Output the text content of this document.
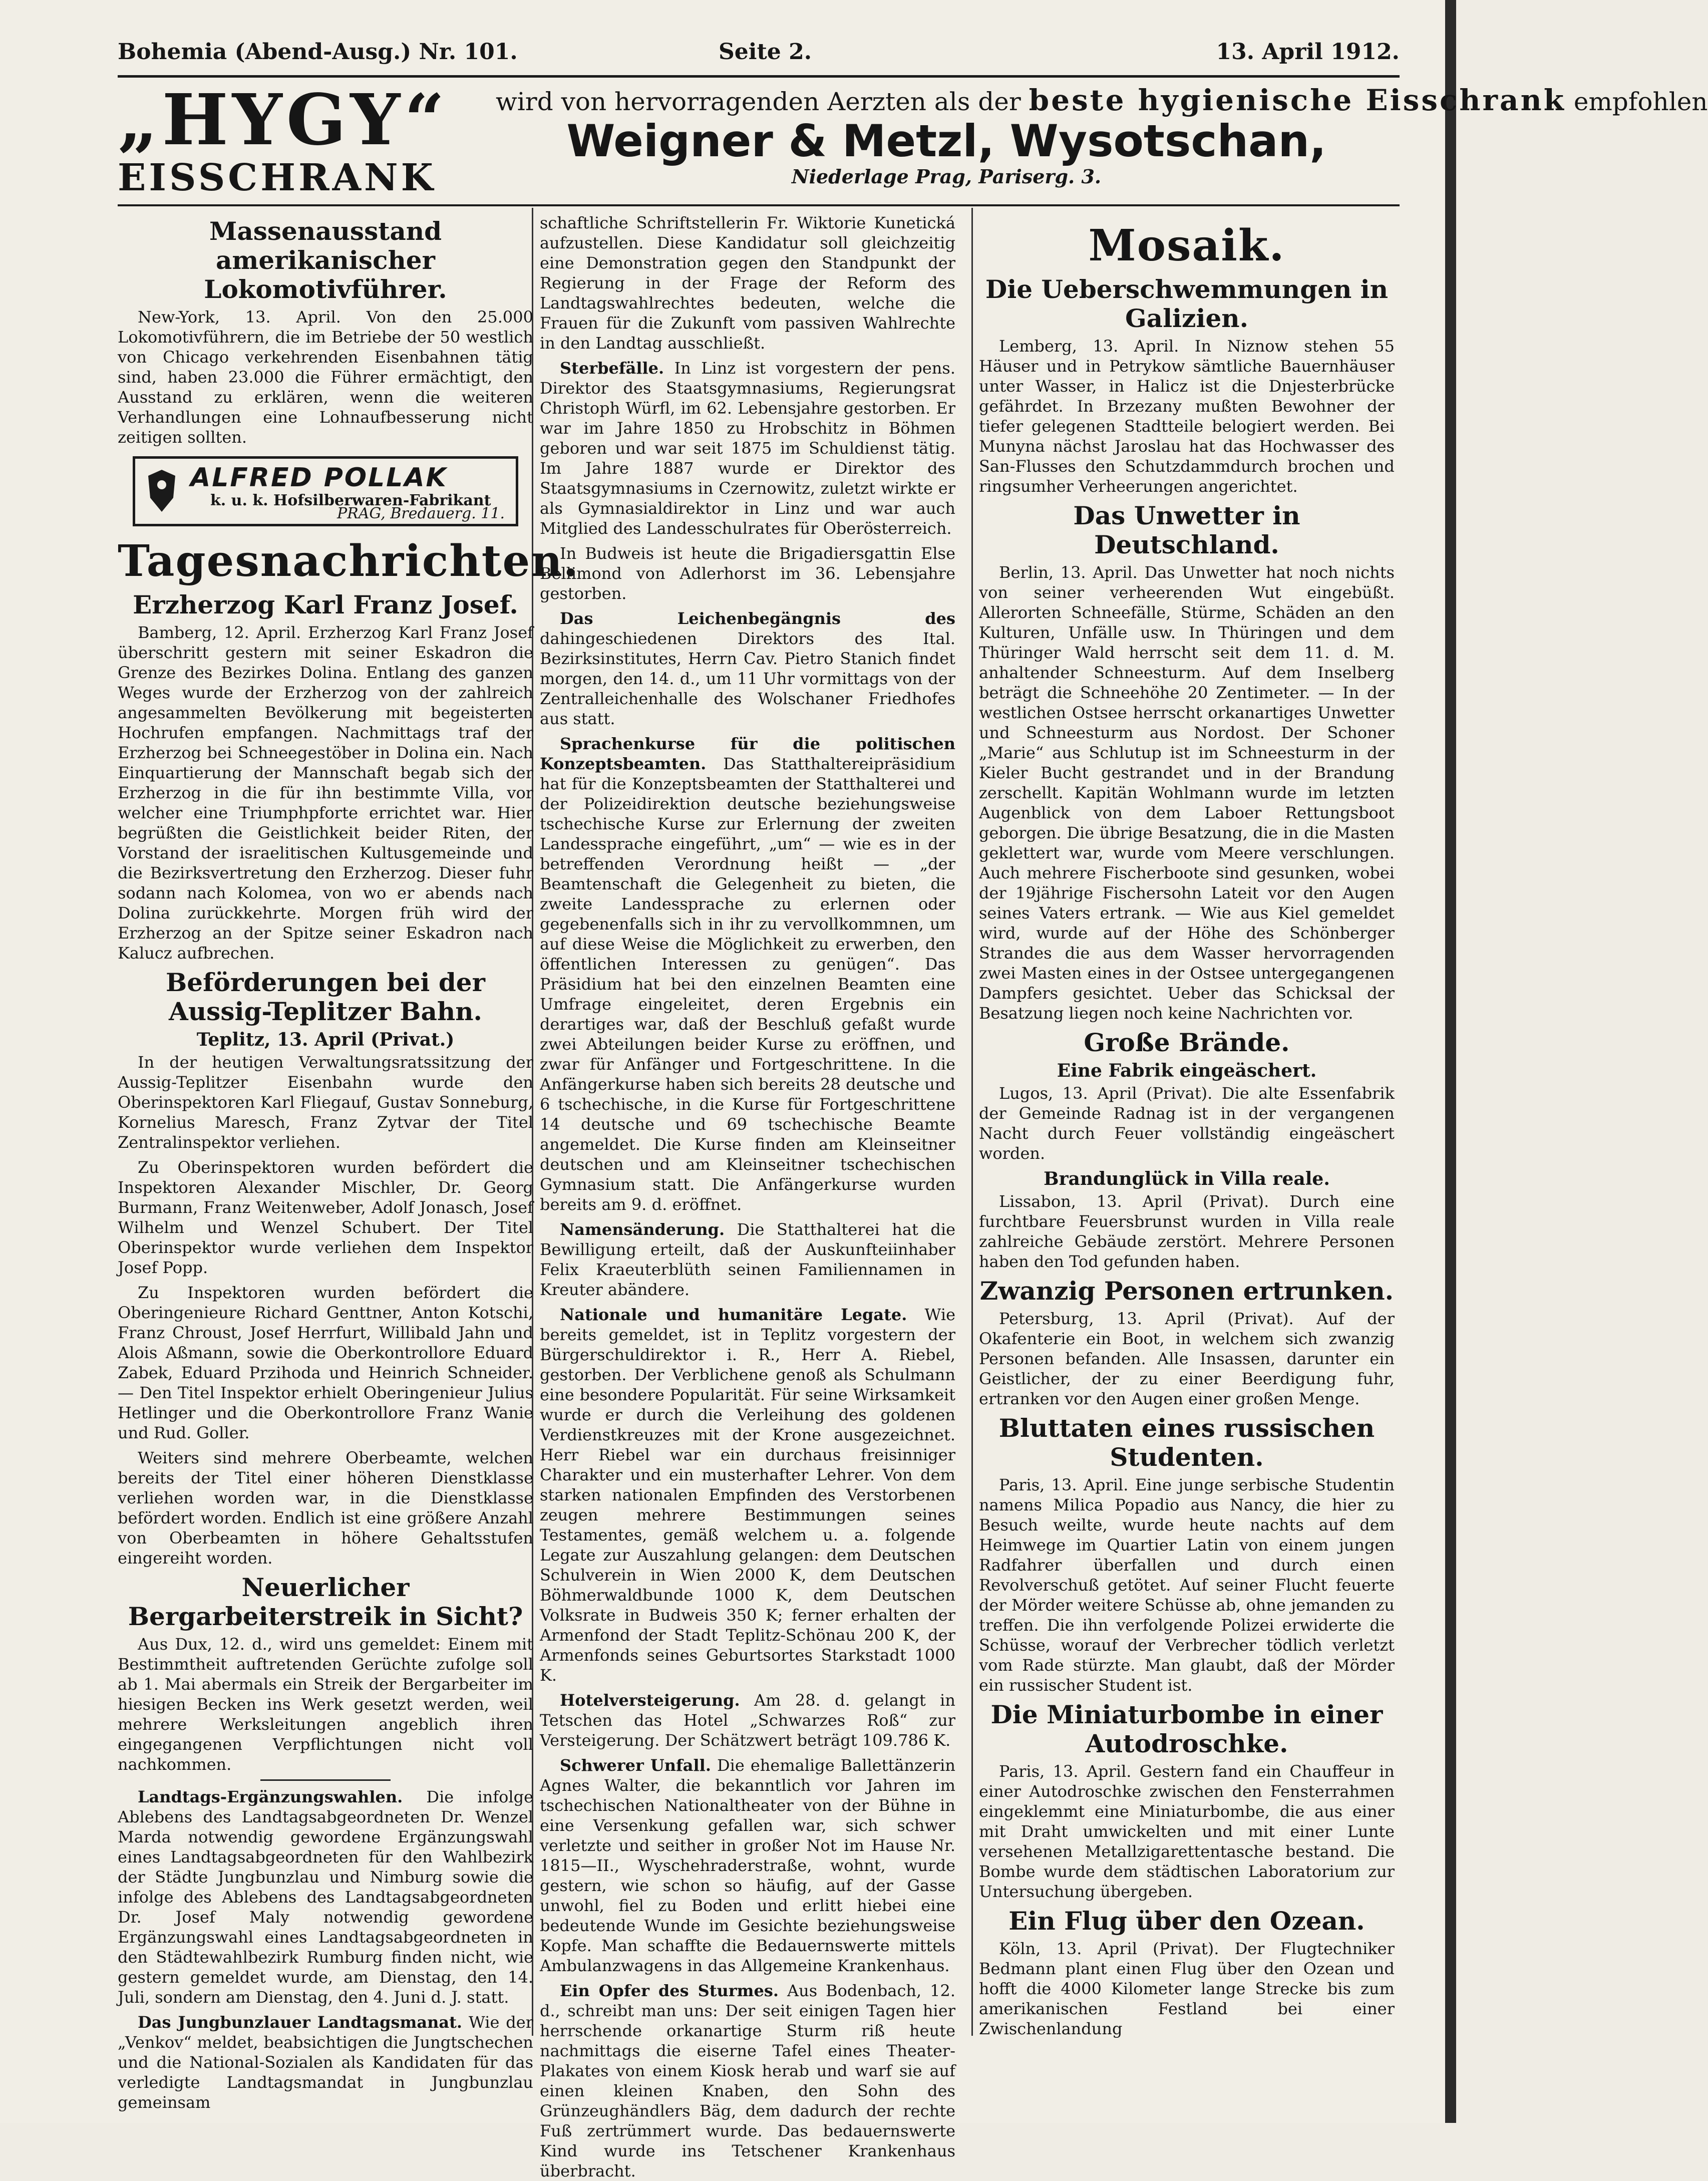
Bohemia (Abend-Ausg.) Nr. 101.	Seite 2.	13. April 1912.
„HYGY“
EISSCHRANK
wird von hervorragenden Aerzten als der beste hygienische Eisschrank empfohlen
Weigner & Metzl, Wysotschan,
Niederlage Prag, Pariserg. 3.
Massenausstand amerikanischer Lokomotivführer.

New-York, 13. April. Von den 25.000 Lokomotivführern, die im Betriebe der 50 westlich von Chicago verkehrenden Eisenbahnen tätig sind, haben 23.000 die Führer ermächtigt, den Ausstand zu erklären, wenn die weiteren Verhandlungen eine Lohnaufbesserung nicht zeitigen sollten.

ALFRED POLLAK
k. u. k. Hofsilberwaren-Fabrikant
PRAG, Bredauerg. 11.
Tagesnachrichten.
Erzherzog Karl Franz Josef.

Bamberg, 12. April. Erzherzog Karl Franz Josef überschritt gestern mit seiner Eskadron die Grenze des Bezirkes Dolina. Entlang des ganzen Weges wurde der Erzherzog von der zahlreich angesammelten Bevölkerung mit begeisterten Hochrufen empfangen. Nachmittags traf der Erzherzog bei Schneegestöber in Dolina ein. Nach Einquartierung der Mannschaft begab sich der Erzherzog in die für ihn bestimmte Villa, vor welcher eine Triumphpforte errichtet war. Hier begrüßten die Geistlichkeit beider Riten, der Vorstand der israelitischen Kultusgemeinde und die Bezirksvertretung den Erzherzog. Dieser fuhr sodann nach Kolomea, von wo er abends nach Dolina zurückkehrte. Morgen früh wird der Erzherzog an der Spitze seiner Eskadron nach Kalucz aufbrechen.

Beförderungen bei der Aussig-Teplitzer Bahn.
Teplitz, 13. April (Privat.)

In der heutigen Verwaltungsratssitzung der Aussig-Teplitzer Eisenbahn wurde den Oberinspektoren Karl Fliegauf, Gustav Sonneburg, Kornelius Maresch, Franz Zytvar der Titel Zentralinspektor verliehen.

Zu Oberinspektoren wurden befördert die Inspektoren Alexander Mischler, Dr. Georg Burmann, Franz Weitenweber, Adolf Jonasch, Josef Wilhelm und Wenzel Schubert. Der Titel Oberinspektor wurde verliehen dem Inspektor Josef Popp.

Zu Inspektoren wurden befördert die Oberingenieure Richard Genttner, Anton Kotschi, Franz Chroust, Josef Herrfurt, Willibald Jahn und Alois Aßmann, sowie die Oberkontrollore Eduard Zabek, Eduard Przihoda und Heinrich Schneider. — Den Titel Inspektor erhielt Oberingenieur Julius Hetlinger und die Oberkontrollore Franz Wanie und Rud. Goller.

Weiters sind mehrere Oberbeamte, welchen bereits der Titel einer höheren Dienstklasse verliehen worden war, in die Dienstklasse befördert worden. Endlich ist eine größere Anzahl von Oberbeamten in höhere Gehaltsstufen eingereiht worden.

Neuerlicher Bergarbeiterstreik in Sicht?

Aus Dux, 12. d., wird uns gemeldet: Einem mit Bestimmtheit auftretenden Gerüchte zufolge soll ab 1. Mai abermals ein Streik der Bergarbeiter im hiesigen Becken ins Werk gesetzt werden, weil mehrere Werksleitungen angeblich ihren eingegangenen Verpflichtungen nicht voll nachkommen.

Landtags-Ergänzungswahlen. Die infolge Ablebens des Landtagsabgeordneten Dr. Wenzel Marda notwendig gewordene Ergänzungswahl eines Landtagsabgeordneten für den Wahlbezirk der Städte Jungbunzlau und Nimburg sowie die infolge des Ablebens des Landtagsabgeordneten Dr. Josef Maly notwendig gewordene Ergänzungswahl eines Landtagsabgeordneten in den Städtewahlbezirk Rumburg finden nicht, wie gestern gemeldet wurde, am Dienstag, den 14. Juli, sondern am Dienstag, den 4. Juni d. J. statt.

Das Jungbunzlauer Landtagsmanat. Wie der „Venkov“ meldet, beabsichtigen die Jungtschechen und die National-Sozialen als Kandidaten für das verledigte Landtagsmandat in Jungbunzlau gemeinsam

schaftliche Schriftstellerin Fr. Wiktorie Kunetická aufzustellen. Diese Kandidatur soll gleichzeitig eine Demonstration gegen den Standpunkt der Regierung in der Frage der Reform des Landtagswahlrechtes bedeuten, welche die Frauen für die Zukunft vom passiven Wahlrechte in den Landtag ausschließt.

Sterbefälle. In Linz ist vorgestern der pens. Direktor des Staatsgymnasiums, Regierungsrat Christoph Würfl, im 62. Lebensjahre gestorben. Er war im Jahre 1850 zu Hrobschitz in Böhmen geboren und war seit 1875 im Schuldienst tätig. Im Jahre 1887 wurde er Direktor des Staatsgymnasiums in Czernowitz, zuletzt wirkte er als Gymnasialdirektor in Linz und war auch Mitglied des Landesschulrates für Oberösterreich.

In Budweis ist heute die Brigadiersgattin Else Bellimond von Adlerhorst im 36. Lebensjahre gestorben.

Das Leichenbegängnis des dahingeschiedenen Direktors des Ital. Bezirksinstitutes, Herrn Cav. Pietro Stanich findet morgen, den 14. d., um 11 Uhr vormittags von der Zentralleichenhalle des Wolschaner Friedhofes aus statt.

Sprachenkurse für die politischen Konzeptsbeamten. Das Statthaltereipräsidium hat für die Konzeptsbeamten der Statthalterei und der Polizeidirektion deutsche beziehungsweise tschechische Kurse zur Erlernung der zweiten Landessprache eingeführt, „um“ — wie es in der betreffenden Verordnung heißt — „der Beamtenschaft die Gelegenheit zu bieten, die zweite Landessprache zu erlernen oder gegebenenfalls sich in ihr zu vervollkommnen, um auf diese Weise die Möglichkeit zu erwerben, den öffentlichen Interessen zu genügen“. Das Präsidium hat bei den einzelnen Beamten eine Umfrage eingeleitet, deren Ergebnis ein derartiges war, daß der Beschluß gefaßt wurde zwei Abteilungen beider Kurse zu eröffnen, und zwar für Anfänger und Fortgeschrittene. In die Anfängerkurse haben sich bereits 28 deutsche und 6 tschechische, in die Kurse für Fortgeschrittene 14 deutsche und 69 tschechische Beamte angemeldet. Die Kurse finden am Kleinseitner deutschen und am Kleinseitner tschechischen Gymnasium statt. Die Anfängerkurse wurden bereits am 9. d. eröffnet.

Namensänderung. Die Statthalterei hat die Bewilligung erteilt, daß der Auskunfteiinhaber Felix Kraeuterblüth seinen Familiennamen in Kreuter abändere.

Nationale und humanitäre Legate. Wie bereits gemeldet, ist in Teplitz vorgestern der Bürgerschuldirektor i. R., Herr A. Riebel, gestorben. Der Verblichene genoß als Schulmann eine besondere Popularität. Für seine Wirksamkeit wurde er durch die Verleihung des goldenen Verdienstkreuzes mit der Krone ausgezeichnet. Herr Riebel war ein durchaus freisinniger Charakter und ein musterhafter Lehrer. Von dem starken nationalen Empfinden des Verstorbenen zeugen mehrere Bestimmungen seines Testamentes, gemäß welchem u. a. folgende Legate zur Auszahlung gelangen: dem Deutschen Schulverein in Wien 2000 K, dem Deutschen Böhmerwaldbunde 1000 K, dem Deutschen Volksrate in Budweis 350 K; ferner erhalten der Armenfond der Stadt Teplitz-Schönau 200 K, der Armenfonds seines Geburtsortes Starkstadt 1000 K.

Hotelversteigerung. Am 28. d. gelangt in Tetschen das Hotel „Schwarzes Roß“ zur Versteigerung. Der Schätzwert beträgt 109.786 K.

Schwerer Unfall. Die ehemalige Ballettänzerin Agnes Walter, die bekanntlich vor Jahren im tschechischen Nationaltheater von der Bühne in eine Versenkung gefallen war, sich schwer verletzte und seither in großer Not im Hause Nr. 1815—II., Wyschehraderstraße, wohnt, wurde gestern, wie schon so häufig, auf der Gasse unwohl, fiel zu Boden und erlitt hiebei eine bedeutende Wunde im Gesichte beziehungsweise Kopfe. Man schaffte die Bedauernswerte mittels Ambulanzwagens in das Allgemeine Krankenhaus.

Ein Opfer des Sturmes. Aus Bodenbach, 12. d., schreibt man uns: Der seit einigen Tagen hier herrschende orkanartige Sturm riß heute nachmittags die eiserne Tafel eines Theater-Plakates von einem Kiosk herab und warf sie auf einen kleinen Knaben, den Sohn des Grünzeughändlers Bäg, dem dadurch der rechte Fuß zertrümmert wurde. Das bedauernswerte Kind wurde ins Tetschener Krankenhaus überbracht.

Mosaik.
Die Ueberschwemmungen in Galizien.

Lemberg, 13. April. In Niznow stehen 55 Häuser und in Petrykow sämtliche Bauernhäuser unter Wasser, in Halicz ist die Dnjesterbrücke gefährdet. In Brzezany mußten Bewohner der tiefer gelegenen Stadtteile belogiert werden. Bei Munyna nächst Jaroslau hat das Hochwasser des San-Flusses den Schutzdammdurch brochen und ringsumher Verheerungen angerichtet.

Das Unwetter in Deutschland.

Berlin, 13. April. Das Unwetter hat noch nichts von seiner verheerenden Wut eingebüßt. Allerorten Schneefälle, Stürme, Schäden an den Kulturen, Unfälle usw. In Thüringen und dem Thüringer Wald herrscht seit dem 11. d. M. anhaltender Schneesturm. Auf dem Inselberg beträgt die Schneehöhe 20 Zentimeter. — In der westlichen Ostsee herrscht orkanartiges Unwetter und Schneesturm aus Nordost. Der Schoner „Marie“ aus Schlutup ist im Schneesturm in der Kieler Bucht gestrandet und in der Brandung zerschellt. Kapitän Wohlmann wurde im letzten Augenblick von dem Laboer Rettungsboot geborgen. Die übrige Besatzung, die in die Masten geklettert war, wurde vom Meere verschlungen. Auch mehrere Fischerboote sind gesunken, wobei der 19jährige Fischersohn Lateit vor den Augen seines Vaters ertrank. — Wie aus Kiel gemeldet wird, wurde auf der Höhe des Schönberger Strandes die aus dem Wasser hervorragenden zwei Masten eines in der Ostsee untergegangenen Dampfers gesichtet. Ueber das Schicksal der Besatzung liegen noch keine Nachrichten vor.

Große Brände.
Eine Fabrik eingeäschert.

Lugos, 13. April (Privat). Die alte Essenfabrik der Gemeinde Radnag ist in der vergangenen Nacht durch Feuer vollständig eingeäschert worden.

Brandunglück in Villa reale.

Lissabon, 13. April (Privat). Durch eine furchtbare Feuersbrunst wurden in Villa reale zahlreiche Gebäude zerstört. Mehrere Personen haben den Tod gefunden haben.

Zwanzig Personen ertrunken.

Petersburg, 13. April (Privat). Auf der Okafenterie ein Boot, in welchem sich zwanzig Personen befanden. Alle Insassen, darunter ein Geistlicher, der zu einer Beerdigung fuhr, ertranken vor den Augen einer großen Menge.

Bluttaten eines russischen Studenten.

Paris, 13. April. Eine junge serbische Studentin namens Milica Popadio aus Nancy, die hier zu Besuch weilte, wurde heute nachts auf dem Heimwege im Quartier Latin von einem jungen Radfahrer überfallen und durch einen Revolverschuß getötet. Auf seiner Flucht feuerte der Mörder weitere Schüsse ab, ohne jemanden zu treffen. Die ihn verfolgende Polizei erwiderte die Schüsse, worauf der Verbrecher tödlich verletzt vom Rade stürzte. Man glaubt, daß der Mörder ein russischer Student ist.

Die Miniaturbombe in einer Autodroschke.

Paris, 13. April. Gestern fand ein Chauffeur in einer Autodroschke zwischen den Fensterrahmen eingeklemmt eine Miniaturbombe, die aus einer mit Draht umwickelten und mit einer Lunte versehenen Metallzigarettentasche bestand. Die Bombe wurde dem städtischen Laboratorium zur Untersuchung übergeben.

Ein Flug über den Ozean.

Köln, 13. April (Privat). Der Flugtechniker Bedmann plant einen Flug über den Ozean und hofft die 4000 Kilometer lange Strecke bis zum amerikanischen Festland bei einer Zwischenlandung
